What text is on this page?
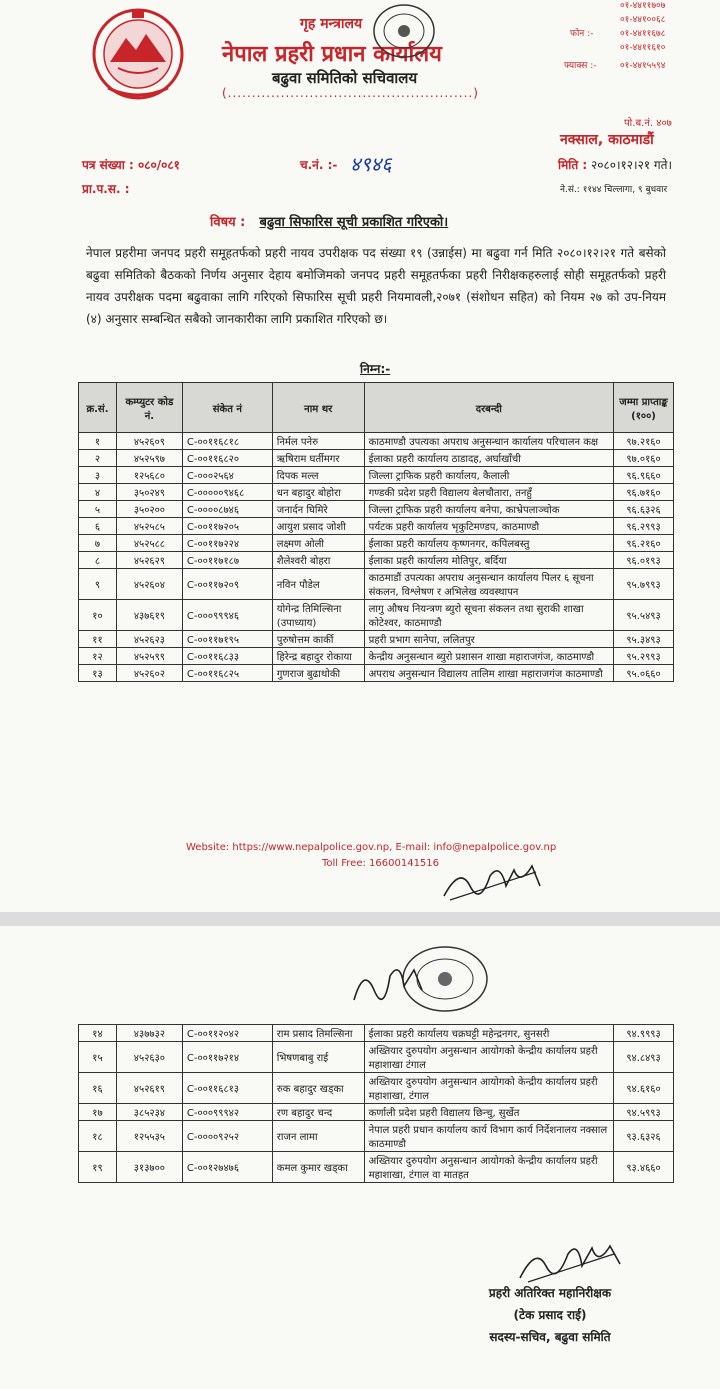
गृह मन्त्रालय
नेपाल प्रहरी प्रधान कार्यालय
बढुवा समितिको सचिवालय
(...................................................)
फोन :-
०१-४४११७०७
०१-४४१००६८
०१-४४११६७८
०१-४४११६१०
फ्याक्स :-	०१-४४१५५९४
पो.ब.नं. ४०७
नक्साल, काठमाडौं
पत्र संख्या : ०८०/०८१	च.नं. :- ४९४६	मिति : २०८०।१२।२१ गते।
प्रा.प.स. :	ने.सं.: ११४४ चिल्लागा, ९ बुधवार
विषय : बढुवा सिफारिस सूची प्रकाशित गरिएको।
नेपाल प्रहरीमा जनपद प्रहरी समूहतर्फको प्रहरी नायव उपरीक्षक पद संख्या १९ (उन्नाईस) मा बढुवा गर्न मिति २०८०।१२।२१ गते बसेको बढुवा समितिको बैठकको निर्णय अनुसार देहाय बमोजिमको जनपद प्रहरी समूहतर्फका प्रहरी निरीक्षकहरुलाई सोही समूहतर्फको प्रहरी नायव उपरीक्षक पदमा बढुवाका लागि गरिएको सिफारिस सूची प्रहरी नियमावली,२०७१ (संशोधन सहित) को नियम २७ को उप-नियम (४) अनुसार सम्बन्धित सबैको जानकारीका लागि प्रकाशित गरिएको छ।
निम्न:-
क्र.सं.	कम्प्युटर कोड नं.	संकेत नं	नाम थर	दरबन्दी	जम्मा प्राप्ताङ्क (१००)
१	४५२६०९	C-००११६८१८	निर्मल पनेरु	काठमाण्डौ उपत्यका अपराध अनुसन्धान कार्यालय परिचालन कक्ष	९७.२१६०
२	४५२५९७	C-००११६८२०	ऋषिराम घर्तीमगर	ईलाका प्रहरी कार्यालय ठाडादह, अर्घाखाँची	९७.०१६०
३	१२५६८०	C-०००२५६४	दिपक मल्ल	जिल्ला ट्राफिक प्रहरी कार्यालय, कैलाली	९६.९६६०
४	३५०२४९	C-०००००९४६८	धन बहादुर बोहोरा	गण्डकी प्रदेश प्रहरी विद्यालय बेलचौतारा, तनहुँ	९६.७१६०
५	३५०२००	C-००००८७४६	जनार्दन घिमिरे	जिल्ला ट्राफिक प्रहरी कार्यालय बनेपा, काभ्रेपलाञ्चोक	९६.६३२६
६	४५२५८५	C-००११७२०५	आयुश प्रसाद जोशी	पर्यटक प्रहरी कार्यालय भृकुटिमण्डप, काठमाण्डौ	९६.२९९३
७	४५२५८८	C-००११७२२४	लक्ष्मण ओली	ईलाका प्रहरी कार्यालय कृष्णनगर, कपिलबस्तु	९६.२१६०
८	४५२६२९	C-००११७१८७	शैलेश्वरी बोहरा	ईलाका प्रहरी कार्यालय मोतिपुर, बर्दिया	९६.०१९३
९	४५२६०४	C-००११७२०९	नविन पौडेल	काठमाडौं उपत्यका अपराध अनुसन्धान कार्यालय पिलर ६ सूचना संकलन, विश्लेषण र अभिलेख व्यवस्थापन	९५.७९९३
१०	४३७६१९	C-०००९९९४६	योगेन्द्र तिमिल्सिना (उपाध्याय)	लागु औषध नियन्त्रण ब्युरो सूचना संकलन तथा सुराकी शाखा कोटेश्वर, काठमाण्डौ	९५.५४९३
११	४५२६२३	C-००११७१९५	पुरुषोत्तम कार्की	प्रहरी प्रभाग सानेपा, ललितपुर	९५.३४९३
१२	४५२५९९	C-००११६८३३	हिरेन्द्र बहादुर रोकाया	केन्द्रीय अनुसन्धान ब्युरो प्रशासन शाखा महाराजगंज, काठमाण्डौ	९५.२९९३
१३	४५२६०२	C-००११६८२५	गुणराज बुढाथोकी	अपराध अनुसन्धान विद्यालय तालिम शाखा महाराजगंज काठमाण्डौ	९५.०६६०
Website: https://www.nepalpolice.gov.np, E-mail: info@nepalpolice.gov.np
Toll Free: 16600141516
१४	४३७७३२	C-००११२०४२	राम प्रसाद तिमल्सिना	ईलाका प्रहरी कार्यालय चक्रघट्टी महेन्द्रनगर, सुनसरी	९४.९९९३
१५	४५२६३०	C-००११७२१४	भिषणबाबु राई	अख्तियार दुरुपयोग अनुसन्धान आयोगको केन्द्रीय कार्यालय प्रहरी महाशाखा टंगाल	९४.८४९३
१६	४५२६१९	C-००११६८१३	रुक बहादुर खड्का	अख्तियार दुरुपयोग अनुसन्धान आयोगको केन्द्रीय कार्यालय प्रहरी महाशाखा, टंगाल	९४.६१६०
१७	३८५२३४	C-०००९९९४२	रण बहादुर चन्द	कर्णाली प्रदेश प्रहरी विद्यालय छिन्चु, सुर्खेत	९४.५९९३
१८	१२५५३५	C-००००९२५२	राजन लामा	नेपाल प्रहरी प्रधान कार्यालय कार्य विभाग कार्य निर्देशनालय नक्साल काठमाण्डौ	९३.६३२६
१९	३१३७००	C-००१२७४७६	कमल कुमार खड्का	अख्तियार दुरुपयोग अनुसन्धान आयोगको केन्द्रीय कार्यालय प्रहरी महाशाखा, टंगाल वा मातहत	९३.४६६०
प्रहरी अतिरिक्त महानिरीक्षक
(टेक प्रसाद राई)
सदस्य-सचिव, बढुवा समिति
